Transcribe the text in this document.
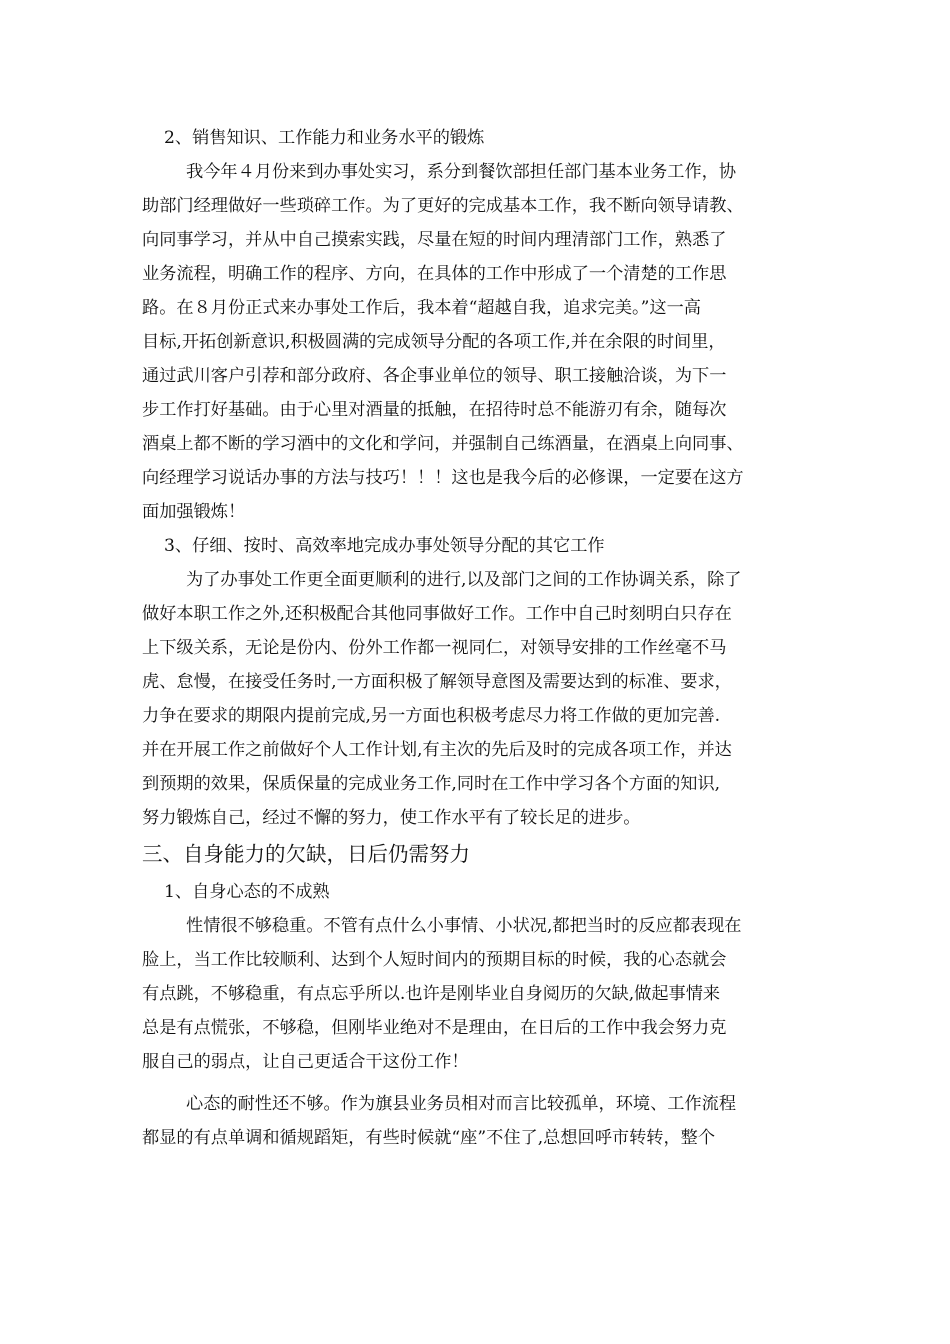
2、销售知识、工作能力和业务水平的锻炼
我今年４月份来到办事处实习，系分到餐饮部担任部门基本业务工作，协
助部门经理做好一些琐碎工作。为了更好的完成基本工作，我不断向领导请教、
向同事学习，并从中自己摸索实践，尽量在短的时间内理清部门工作，熟悉了
业务流程，明确工作的程序、方向，在具体的工作中形成了一个清楚的工作思
路。在８月份正式来办事处工作后，我本着“超越自我，追求完美。”这一高
目标,开拓创新意识,积极圆满的完成领导分配的各项工作,并在余限的时间里，
通过武川客户引荐和部分政府、各企事业单位的领导、职工接触洽谈，为下一
步工作打好基础。由于心里对酒量的抵触，在招待时总不能游刃有余，随每次
酒桌上都不断的学习酒中的文化和学问，并强制自己练酒量，在酒桌上向同事、
向经理学习说话办事的方法与技巧！！！这也是我今后的必修课，一定要在这方
面加强锻炼！
3、仔细、按时、高效率地完成办事处领导分配的其它工作
为了办事处工作更全面更顺利的进行,以及部门之间的工作协调关系，除了
做好本职工作之外,还积极配合其他同事做好工作。工作中自己时刻明白只存在
上下级关系，无论是份内、份外工作都一视同仁，对领导安排的工作丝毫不马
虎、怠慢，在接受任务时,一方面积极了解领导意图及需要达到的标准、要求，
力争在要求的期限内提前完成,另一方面也积极考虑尽力将工作做的更加完善.
并在开展工作之前做好个人工作计划,有主次的先后及时的完成各项工作，并达
到预期的效果，保质保量的完成业务工作,同时在工作中学习各个方面的知识,
努力锻炼自己，经过不懈的努力，使工作水平有了较长足的进步。
三、自身能力的欠缺，日后仍需努力
1、自身心态的不成熟
性情很不够稳重。不管有点什么小事情、小状况,都把当时的反应都表现在
脸上，当工作比较顺利、达到个人短时间内的预期目标的时候，我的心态就会
有点跳，不够稳重，有点忘乎所以.也许是刚毕业自身阅历的欠缺,做起事情来
总是有点慌张，不够稳，但刚毕业绝对不是理由，在日后的工作中我会努力克
服自己的弱点，让自己更适合干这份工作！
心态的耐性还不够。作为旗县业务员相对而言比较孤单，环境、工作流程
都显的有点单调和循规蹈矩，有些时候就“座”不住了,总想回呼市转转，整个
